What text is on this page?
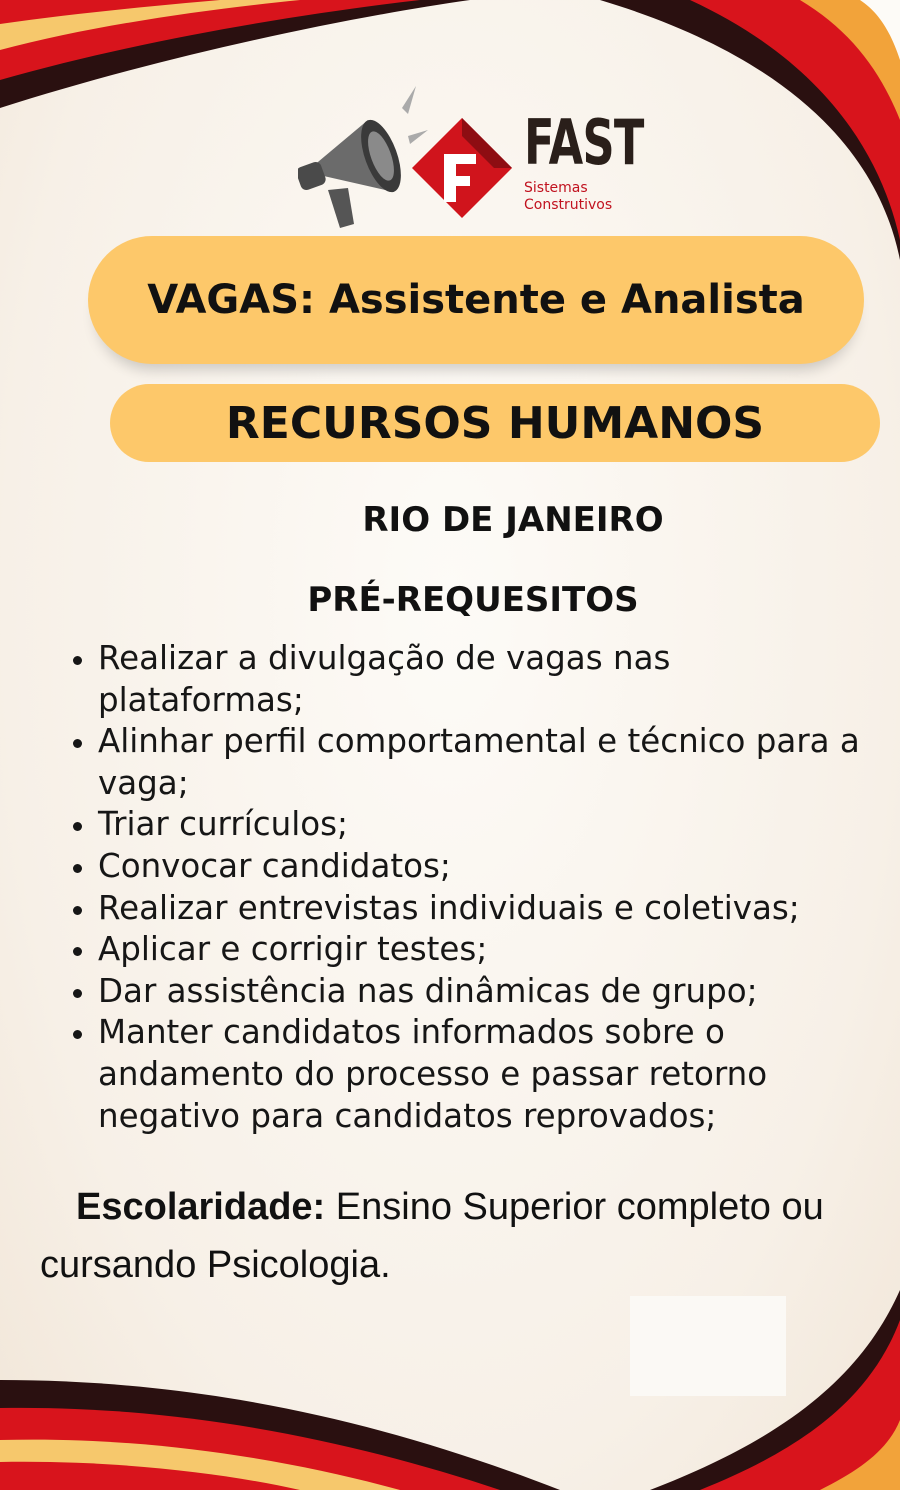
FAST
Sistemas
Construtivos
VAGAS: Assistente e Analista
RECURSOS HUMANOS
RIO DE JANEIRO
PRÉ-REQUESITOS
Realizar a divulgação de vagas nas plataformas;
Alinhar perfil comportamental e técnico para a vaga;
Triar currículos;
Convocar candidatos;
Realizar entrevistas individuais e coletivas;
Aplicar e corrigir testes;
Dar assistência nas dinâmicas de grupo;
Manter candidatos informados sobre o andamento do processo e passar retorno negativo para candidatos reprovados;
Escolaridade: Ensino Superior completo ou cursando Psicologia.
